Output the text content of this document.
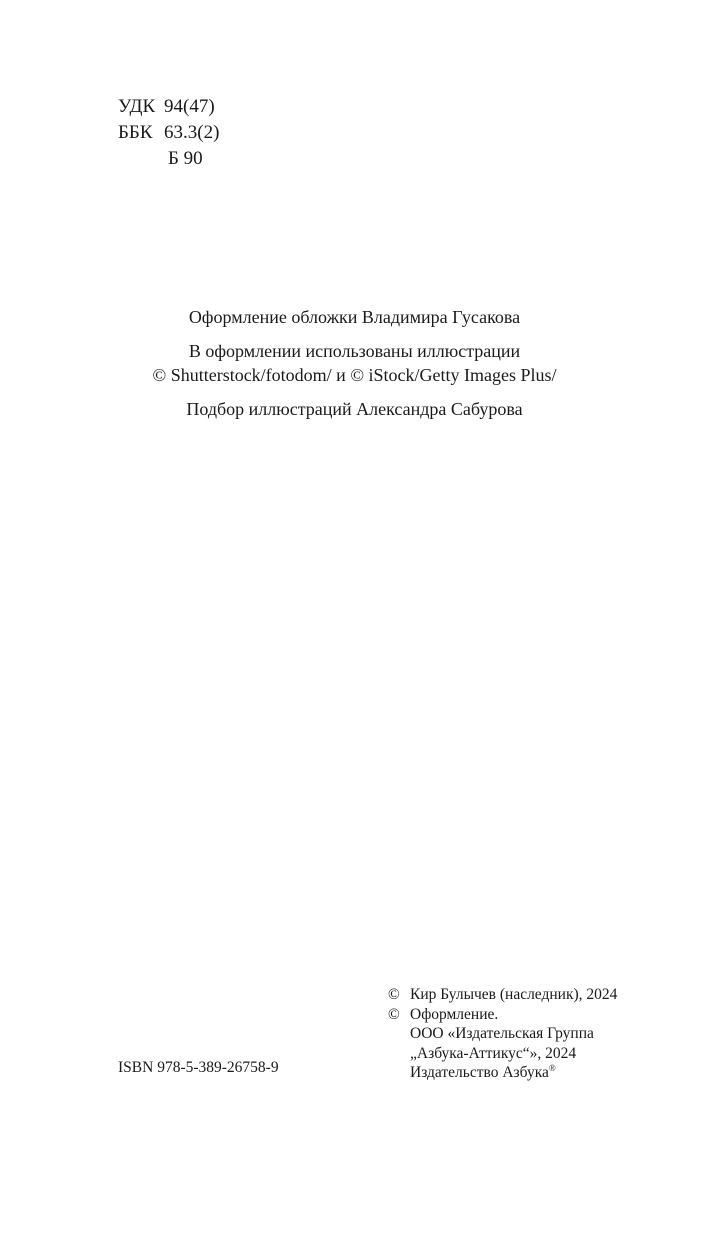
УДК 94(47)
ББК 63.3(2)
Б 90

Оформление обложки Владимира Гусакова

В оформлении использованы иллюстрации
© Shutterstock/fotodom/ и © iStock/Getty Images Plus/

Подбор иллюстраций Александра Сабурова

© Кир Булычев (наследник), 2024
© Оформление.
ООО «Издательская Группа
„Азбука-Аттикус“», 2024
Издательство Азбука®
ISBN 978-5-389-26758-9
